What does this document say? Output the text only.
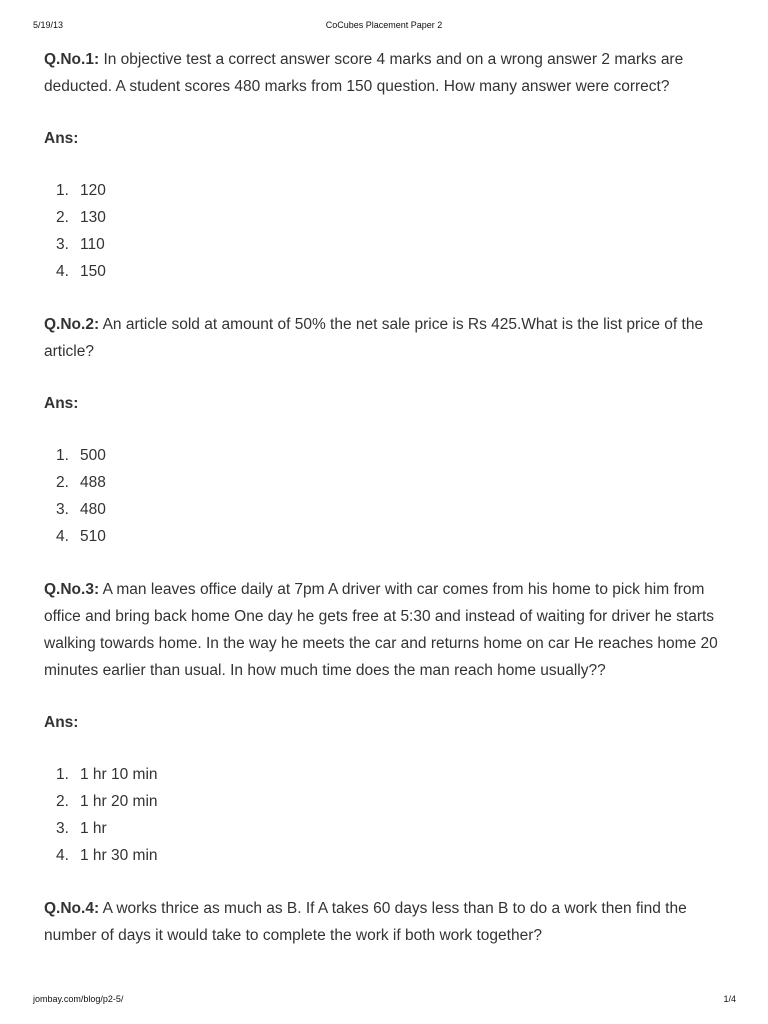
5/19/13	CoCubes Placement Paper 2

Q.No.1: In objective test a correct answer score 4 marks and on a wrong answer 2 marks are deducted. A student scores 480 marks from 150 question. How many answer were correct?

Ans:
1. 120
2. 130
3. 110
4. 150

Q.No.2: An article sold at amount of 50% the net sale price is Rs 425.What is the list price of the article?

Ans:
1. 500
2. 488
3. 480
4. 510

Q.No.3: A man leaves office daily at 7pm A driver with car comes from his home to pick him from office and bring back home One day he gets free at 5:30 and instead of waiting for driver he starts walking towards home. In the way he meets the car and returns home on car He reaches home 20 minutes earlier than usual. In how much time does the man reach home usually??

Ans:
1. 1 hr 10 min
2. 1 hr 20 min
3. 1 hr
4. 1 hr 30 min

Q.No.4: A works thrice as much as B. If A takes 60 days less than B to do a work then find the number of days it would take to complete the work if both work together?

jombay.com/blog/p2-5/	1/4
